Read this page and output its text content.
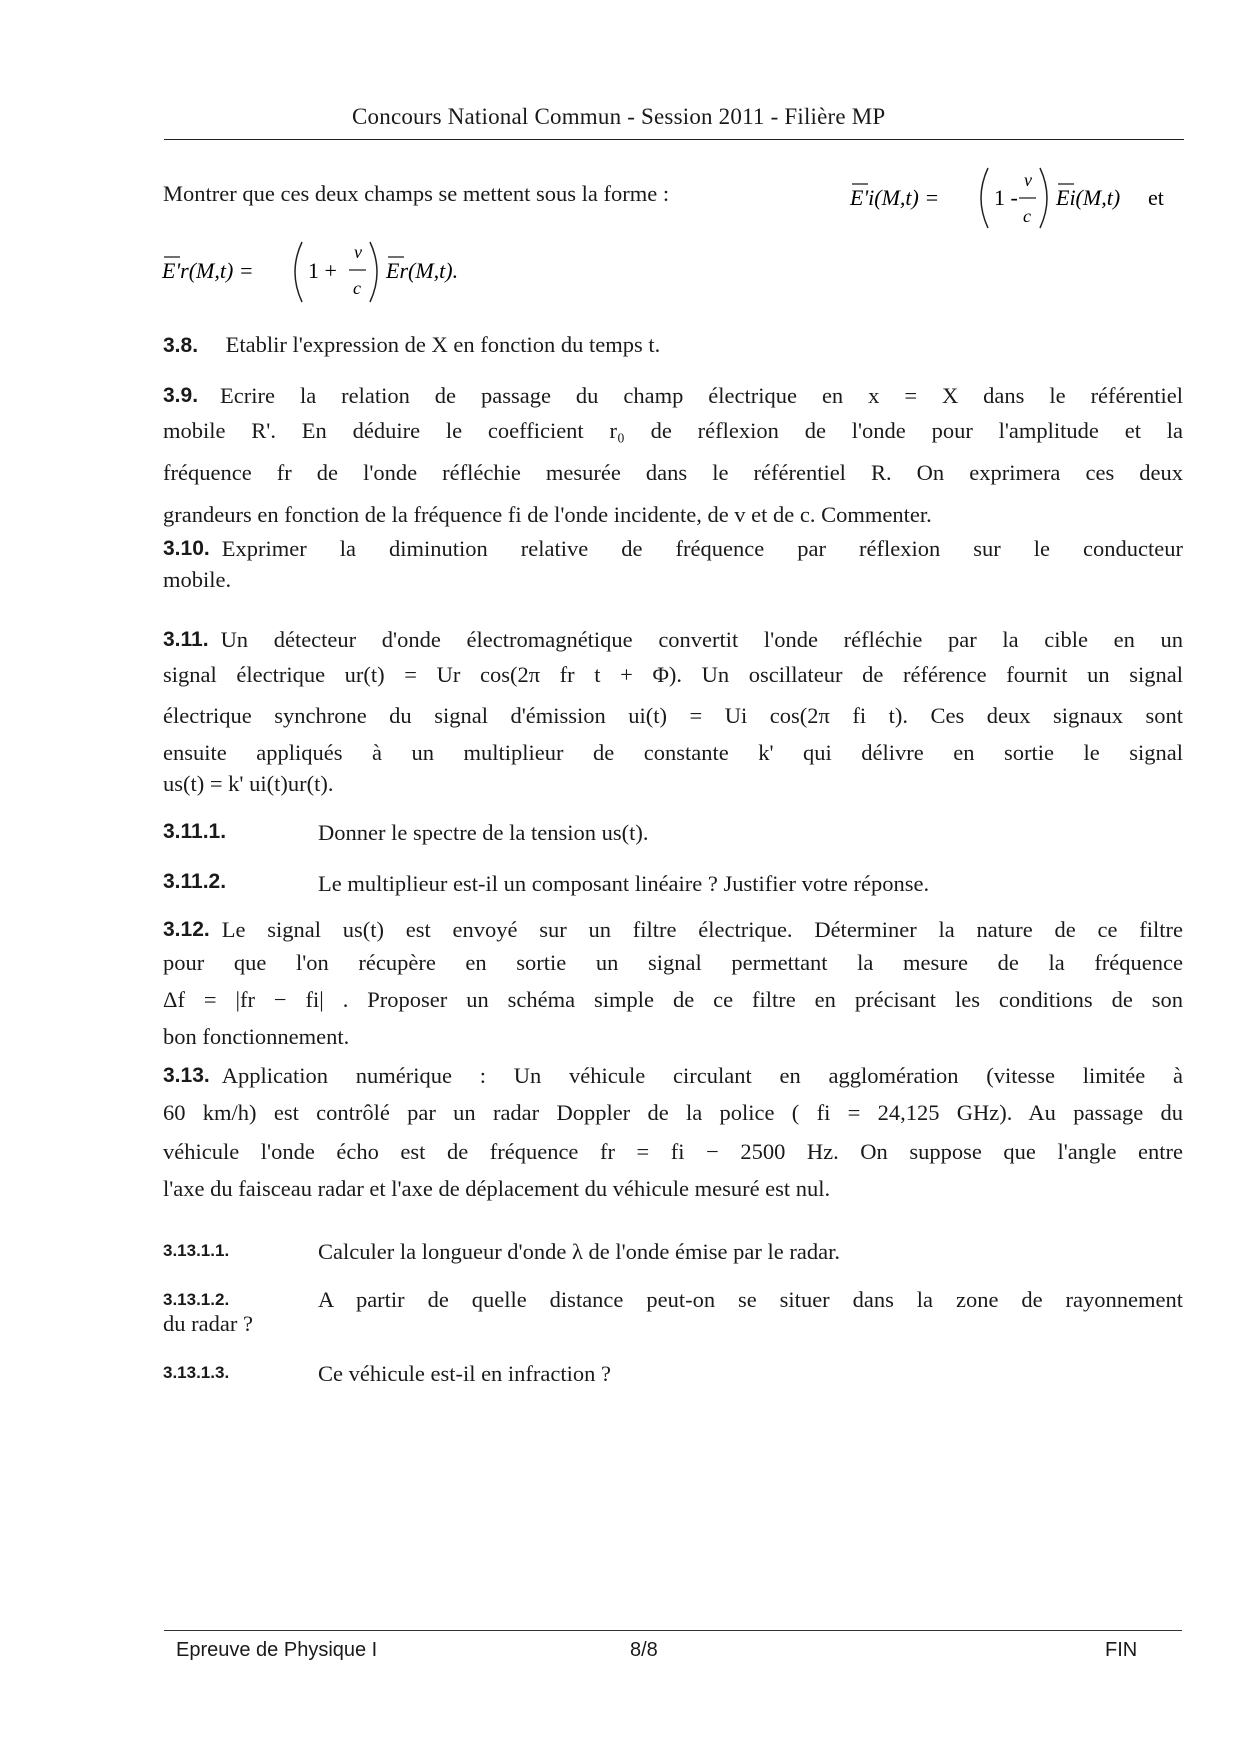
Concours National Commun - Session 2011 - Filière MP
Montrer que ces deux champs se mettent sous la forme :	E'i(M,t) = 1 -
v
c
Ei(M,t) et
E'r(M,t) = 1 +
v
c
Er(M,t).
3.8. Etablir l'expression de X en fonction du temps t.
3.9. Ecrire la relation de passage du champ électrique en x = X dans le référentiel
mobile R'. En déduire le coefficient r₀ de réflexion de l'onde pour l'amplitude et la
fréquence fr de l'onde réfléchie mesurée dans le référentiel R. On exprimera ces deux
grandeurs en fonction de la fréquence fi de l'onde incidente, de v et de c. Commenter.
3.10. Exprimer la diminution relative de fréquence par réflexion sur le conducteur
mobile.
3.11. Un détecteur d'onde électromagnétique convertit l'onde réfléchie par la cible en un
signal électrique ur(t) = Ur cos(2π fr t + Φ). Un oscillateur de référence fournit un signal
électrique synchrone du signal d'émission ui(t) = Ui cos(2π fi t). Ces deux signaux sont
ensuite appliqués à un multiplieur de constante k' qui délivre en sortie le signal
us(t) = k' ui(t)ur(t).
3.11.1.	Donner le spectre de la tension us(t).
3.11.2.	Le multiplieur est-il un composant linéaire ? Justifier votre réponse.
3.12. Le signal us(t) est envoyé sur un filtre électrique. Déterminer la nature de ce filtre
pour que l'on récupère en sortie un signal permettant la mesure de la fréquence
Δf = |fr − fi| . Proposer un schéma simple de ce filtre en précisant les conditions de son
bon fonctionnement.
3.13. Application numérique : Un véhicule circulant en agglomération (vitesse limitée à
60 km/h) est contrôlé par un radar Doppler de la police ( fi = 24,125 GHz). Au passage du
véhicule l'onde écho est de fréquence fr = fi − 2500 Hz. On suppose que l'angle entre
l'axe du faisceau radar et l'axe de déplacement du véhicule mesuré est nul.
3.13.1.1.	Calculer la longueur d'onde λ de l'onde émise par le radar.
3.13.1.2.	A partir de quelle distance peut-on se situer dans la zone de rayonnement
du radar ?
3.13.1.3.	Ce véhicule est-il en infraction ?
Epreuve de Physique I	8/8	FIN
